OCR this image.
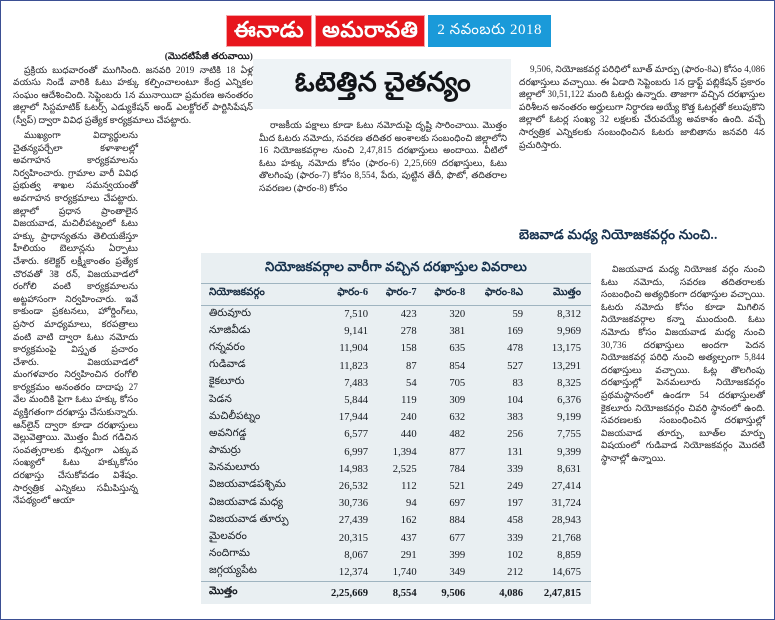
ఈనాడు అమరావతి	2 నవంబరు 2018
ఓటెత్తిన చైతన్యం

(మొదటిపేజీ తరువాయి)

ప్రక్రియ బుధవారంతో ముగిసింది. జనవరి 2019 నాటికి 18 ఏళ్ల వయసు నిండే వారికి ఓటు హక్కు కల్పించాలంటూ కేంద్ర ఎన్నికల సంఘం ఆదేశించింది. సెప్టెంబరు 1న మునాయిదా ప్రమరణ అనంతరం జిల్లాలో సిస్టమాటిక్ ఓటర్స్ ఎడ్యుకేషన్ అండ్ ఎలక్టోరల్ పార్టిసిపేషన్ (స్వీప్) ద్వారా వివిధ ప్రత్యేక కార్యక్రమాలు చేపట్టారు.

ముఖ్యంగా విద్యార్థులను చైతన్యపర్చేలా కళాశాలల్లో అవగాహన కార్యక్రమాలను నిర్వహించారు. గ్రామాల వారీ వివిధ ప్రభుత్వ శాఖల సమన్వయంతో అవగాహన కార్యక్రమాలు చేపట్టారు. జిల్లాలో ప్రధాన ప్రాంతాలైన విజయవాడ, మచిలీపట్నంలో ఓటు హక్కు ప్రాధాన్యతను తెలియజేస్తూ హీలియం బెలూన్లను ఏర్పాటు చేశారు. కలెక్టర్ లక్ష్మీకాంతం ప్రత్యేక చొరవతో 3కె రన్, విజయవాడలో రంగోలి వంటి కార్యక్రమాలను అట్టహాసంగా నిర్వహించారు. ఇవే కాకుండా ప్రకటనలు, హోర్డింగ్‌లు, ప్రసార మాధ్యమాలు, కరపత్రాలు వంటి వాటి ద్వారా ఓటు నమోదు కార్యక్రమంపై విస్తృత ప్రచారం చేశారు. విజయవాడలో మంగళవారం నిర్వహించిన రంగోలి కార్యక్రమం అనంతరం దాదాపు 27 వేల మందికి పైగా ఓటు హక్కు కోసం వ్యక్తిగతంగా దరఖాస్తు చేసుకున్నారు. ఆన్‌లైన్ ద్వారా కూడా దరఖాస్తులు వెల్లువెత్తాయి. మొత్తం మీద గడిచిన సంవత్సరాలకు భిన్నంగా ఎక్కువ సంఖ్యలో ఓటు హక్కుకోసం దరఖాస్తు చేసుకోవడం విశేషం. సార్వత్రిక ఎన్నికలు సమీపిస్తున్న నేపథ్యంలో ఆయా

రాజకీయ పక్షాలు కూడా ఓటు నమోదుపై దృష్టి సారించాయి. మొత్తం మీద ఓటరు నమోదు, సవరణ తదితర అంశాలకు సంబంధించి జిల్లాలోని 16 నియోజకవర్గాల నుంచి 2,47,815 దరఖాస్తులు అందాయి. వీటిలో ఓటు హక్కు నమోదు కోసం (ఫారం-6) 2,25,669 దరఖాస్తులు, ఓటు తొలగింపు (ఫారం-7) కోసం 8,554, పేరు, పుట్టిన తేదీ, ఫొటో, తదితరాల సవరణల (ఫారం-8) కోసం

9,506, నియోజకవర్గ పరిధిలో బూత్ మార్పు (ఫారం-8ఎ) కోసం 4,086 దరఖాస్తులు వచ్చాయి. ఈ ఏడాది సెప్టెంబరు 1న డ్రాఫ్ట్ పబ్లికేషన్ ప్రకారం జిల్లాలో 30,51,122 మంది ఓటర్లు ఉన్నారు. తాజాగా వచ్చిన దరఖాస్తుల పరిశీలన అనంతరం అర్హులుగా నిర్ధారణ అయ్యే కొత్త ఓటర్లతో కలుపుకొని జిల్లాలో ఓటర్ల సంఖ్య 32 లక్షలకు చేరువయ్యే అవకాశం ఉంది. వచ్చే సార్వత్రిక ఎన్నికలకు సంబంధించిన ఓటరు జాబితాను జనవరి 4న ప్రచురిస్తారు.

బెజవాడ మధ్య నియోజకవర్గం నుంచి..

విజయవాడ మధ్య నియోజక వర్గం నుంచి ఓటు నమోదు, సవరణ తదితరాలకు సంబంధించి అత్యధికంగా దరఖాస్తుల వచ్చాయి. ఓటరు నమోదు కోసం కూడా మిగిలిన నియోజకవర్గాల కన్నా ముందుంది. ఓటు నమోదు కోసం విజయవాడ మధ్య నుంచి 30,736 దరఖాస్తులు అందగా పెదన నియోజకవర్గ పరిధి నుంచి అత్యల్పంగా 5,844 దరఖాస్తులు వచ్చాయి. ఓట్ల తొలగింపు దరఖాస్తుల్లో పెనమలూరు నియోజకవర్గం ప్రథమస్థానంలో ఉండగా 54 దరఖాస్తులతో కైకలూరు నియోజకవర్గం చివరి స్థానంలో ఉంది. సవరణలకు సంబంధించిన దరఖాస్తుల్లో విజయవాడ తూర్పు, బూత్‌ల మార్పు విషయంలో గుడివాడ నియోజకవర్గం మొదటి స్థానాల్లో ఉన్నాయి.

నియోజకవర్గాల వారీగా వచ్చిన దరఖాస్తుల వివరాలు
నియోజకవర్గం	ఫారం-6	ఫారం-7	ఫారం-8	ఫారం-8ఎ	మొత్తం
తిరువూరు	7,510	423	320	59	8,312
నూజివీడు	9,141	278	381	169	9,969
గన్నవరం	11,904	158	635	478	13,175
గుడివాడ	11,823	87	854	527	13,291
కైకలూరు	7,483	54	705	83	8,325
పెడన	5,844	119	309	104	6,376
మచిలీపట్నం	17,944	240	632	383	9,199
అవనిగడ్డ	6,577	440	482	256	7,755
పామర్రు	6,997	1,394	877	131	9,399
పెనమలూరు	14,983	2,525	784	339	8,631
విజయవాడపశ్చిమ	26,532	112	521	249	27,414
విజయవాడ మధ్య	30,736	94	697	197	31,724
విజయవాడ తూర్పు	27,439	162	884	458	28,943
మైలవరం	20,315	437	677	339	21,768
నందిగామ	8,067	291	399	102	8,859
జగ్గయ్యపేట	12,374	1,740	349	212	14,675
మొత్తం	2,25,669	8,554	9,506	4,086	2,47,815
